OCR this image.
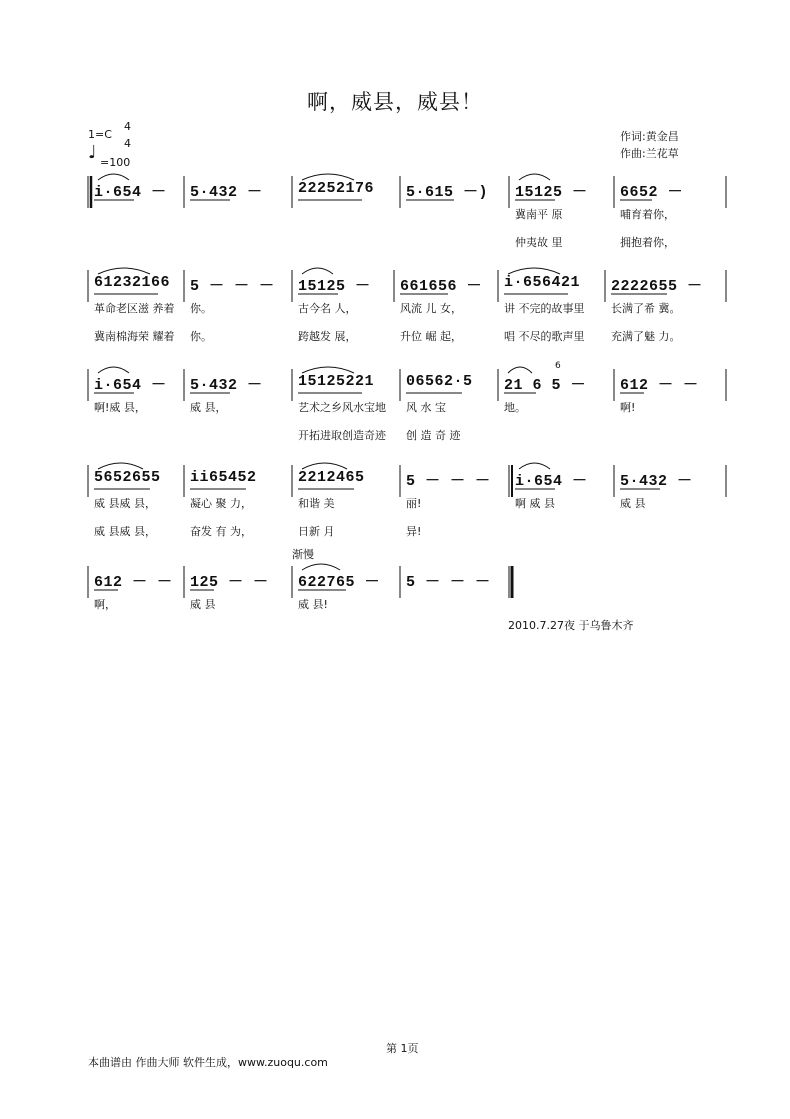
啊，威县，威县！
1=C
4
4
♩ =100
作词:黄金昌
作曲:兰花草
i·654 － 5·432 － 22252176 5·615 －) 15125 －
冀南平 原
仲夷故 里
6652 －
哺育着你，
拥抱着你，
61232166
革命老区滋 养着
冀南棉海荣 耀着
5 － － －
你。
你。
15125 －
古今名 人，
跨越发 展，
661656 －
风流 儿 女，
升位 崛 起，
i·656421
讲 不完的故事里
唱 不尽的歌声里
2222655 －
长满了希 冀。
充满了魅 力。
i·654 －
啊!威 县，
5·432 －
威 县，
15125221
艺术之乡风水宝地
开拓进取创造奇迹
06562·5
风 水 宝
创 造 奇 迹
21 6 5 －
地。
612 － －
啊!
5652655
威 县威 县，
威 县威 县，
ii65452
凝心 聚 力，
奋发 有 为，
2212465
和谐 美
日新 月
5 － － －
丽!
异!
i·654 －
啊 威 县
5·432 －
威 县
612 － －
啊，
125 － －
威 县
622765 －
威 县!
5 － － －
6
渐慢
2010.7.27夜 于乌鲁木齐
第 1页
本曲谱由 作曲大师 软件生成，www.zuoqu.com
